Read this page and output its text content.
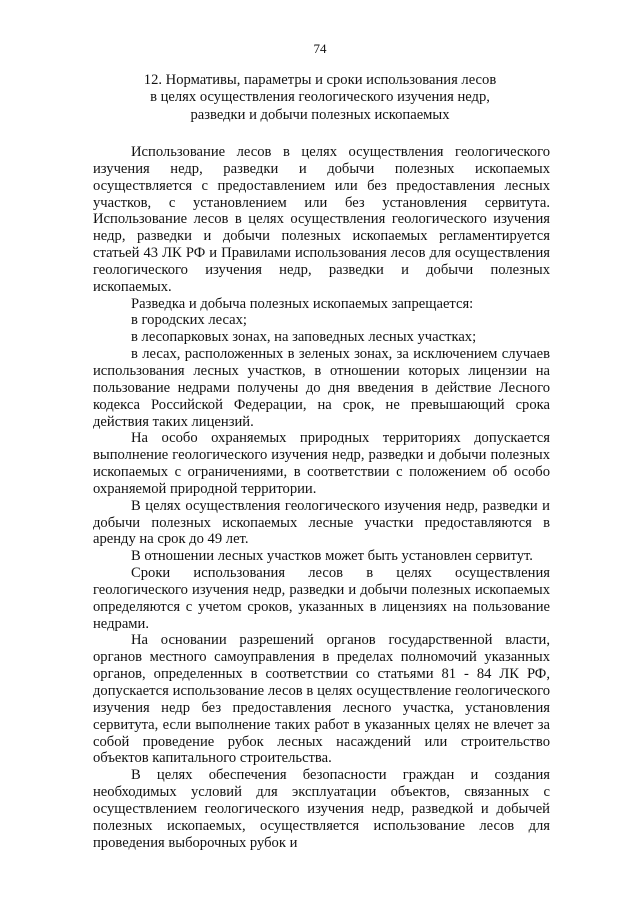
74
12. Нормативы, параметры и сроки использования лесов
в целях осуществления геологического изучения недр,
разведки и добычи полезных ископаемых

Использование лесов в целях осуществления геологического изучения недр, разведки и добычи полезных ископаемых осуществляется с предоставлением или без предоставления лесных участков, с установлением или без установления сервитута. Использование лесов в целях осуществления геологического изучения недр, разведки и добычи полезных ископаемых регламентируется статьей 43 ЛК РФ и Правилами использования лесов для осуществления геологического изучения недр, разведки и добычи полезных ископаемых.

Разведка и добыча полезных ископаемых запрещается:

в городских лесах;

в лесопарковых зонах, на заповедных лесных участках;

в лесах, расположенных в зеленых зонах, за исключением случаев использования лесных участков, в отношении которых лицензии на пользование недрами получены до дня введения в действие Лесного кодекса Российской Федерации, на срок, не превышающий срока действия таких лицензий.

На особо охраняемых природных территориях допускается выполнение геологического изучения недр, разведки и добычи полезных ископаемых с ограничениями, в соответствии с положением об особо охраняемой природной территории.

В целях осуществления геологического изучения недр, разведки и добычи полезных ископаемых лесные участки предоставляются в аренду на срок до 49 лет.

В отношении лесных участков может быть установлен сервитут.

Сроки использования лесов в целях осуществления геологического изучения недр, разведки и добычи полезных ископаемых определяются с учетом сроков, указанных в лицензиях на пользование недрами.

На основании разрешений органов государственной власти, органов местного самоуправления в пределах полномочий указанных органов, определенных в соответствии со статьями 81 - 84 ЛК РФ, допускается использование лесов в целях осуществление геологического изучения недр без предоставления лесного участка, установления сервитута, если выполнение таких работ в указанных целях не влечет за собой проведение рубок лесных насаждений или строительство объектов капитального строительства.

В целях обеспечения безопасности граждан и создания необходимых условий для эксплуатации объектов, связанных с осуществлением геологического изучения недр, разведкой и добычей полезных ископаемых, осуществляется использование лесов для проведения выборочных рубок и
